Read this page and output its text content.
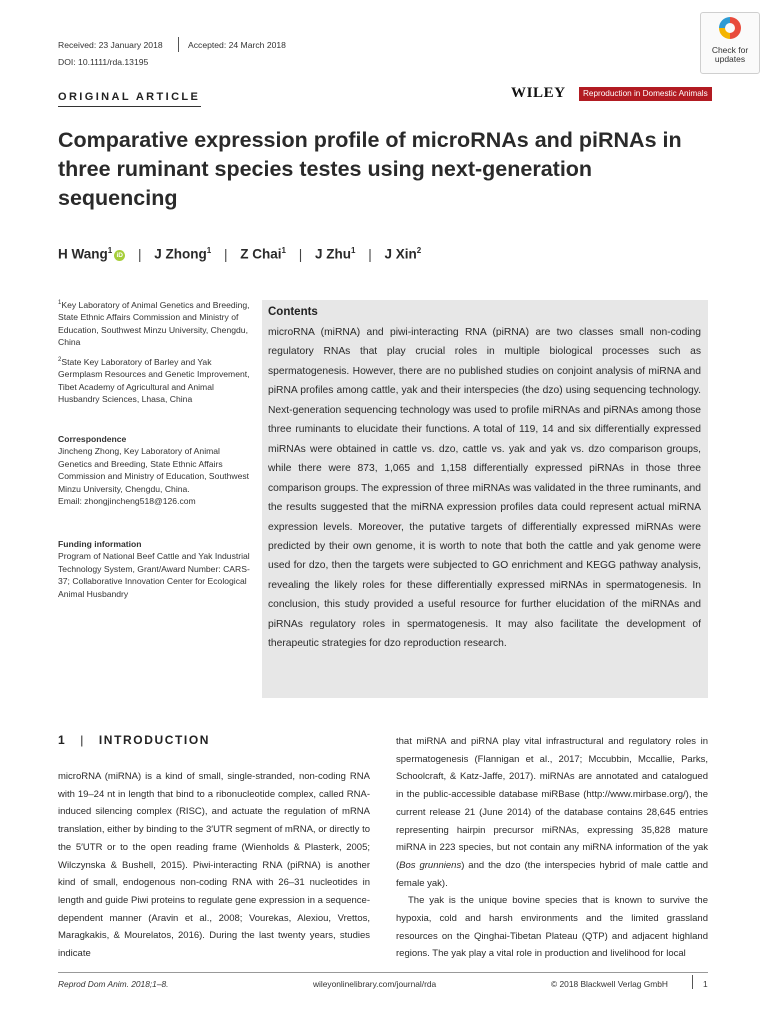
Received: 23 January 2018	Accepted: 24 March 2018
DOI: 10.1111/rda.13195
Check for
updates
ORIGINAL ARTICLE	WILEY	Reproduction in Domestic Animals
Comparative expression profile of microRNAs and piRNAs in three ruminant species testes using next-generation sequencing
H Wang$^1$ iD | J Zhong$^1$ | Z Chai$^1$ | J Zhu$^1$ | J Xin$^2$

$^1$Key Laboratory of Animal Genetics and Breeding, State Ethnic Affairs Commission and Ministry of Education, Southwest Minzu University, Chengdu, China

$^2$State Key Laboratory of Barley and Yak Germplasm Resources and Genetic Improvement, Tibet Academy of Agricultural and Animal Husbandry Sciences, Lhasa, China

Correspondence

Jincheng Zhong, Key Laboratory of Animal Genetics and Breeding, State Ethnic Affairs Commission and Ministry of Education, Southwest Minzu University, Chengdu, China.

Email: zhongjincheng518@126.com

Funding information

Program of National Beef Cattle and Yak Industrial Technology System, Grant/Award Number: CARS-37; Collaborative Innovation Center for Ecological Animal Husbandry

Contents

microRNA (miRNA) and piwi-interacting RNA (piRNA) are two classes small non-coding regulatory RNAs that play crucial roles in multiple biological processes such as spermatogenesis. However, there are no published studies on conjoint analysis of miRNA and piRNA profiles among cattle, yak and their interspecies (the dzo) using sequencing technology. Next-generation sequencing technology was used to profile miRNAs and piRNAs among those three ruminants to elucidate their functions. A total of 119, 14 and six differentially expressed miRNAs were obtained in cattle vs. dzo, cattle vs. yak and yak vs. dzo comparison groups, while there were 873, 1,065 and 1,158 differentially expressed piRNAs in those three comparison groups. The expression of three miRNAs was validated in the three ruminants, and the results suggested that the miRNA expression profiles data could represent actual miRNA expression levels. Moreover, the putative targets of differentially expressed miRNAs were predicted by their own genome, it is worth to note that both the cattle and yak genome were used for dzo, then the targets were subjected to GO enrichment and KEGG pathway analysis, revealing the likely roles for these differentially expressed miRNAs in spermatogenesis. In conclusion, this study provided a useful resource for further elucidation of the miRNAs and piRNAs regulatory roles in spermatogenesis. It may also facilitate the development of therapeutic strategies for dzo reproduction research.

1 | INTRODUCTION

microRNA (miRNA) is a kind of small, single-stranded, non-coding RNA with 19–24 nt in length that bind to a ribonucleotide complex, called RNA-induced silencing complex (RISC), and actuate the regulation of mRNA translation, either by binding to the 3′UTR segment of mRNA, or directly to the 5′UTR or to the open reading frame (Wienholds & Plasterk, 2005; Wilczynska & Bushell, 2015). Piwi-interacting RNA (piRNA) is another kind of small, endogenous non-coding RNA with 26–31 nucleotides in length and guide Piwi proteins to regulate gene expression in a sequence-dependent manner (Aravin et al., 2008; Vourekas, Alexiou, Vrettos, Maragkakis, & Mourelatos, 2016). During the last twenty years, studies indicate

that miRNA and piRNA play vital infrastructural and regulatory roles in spermatogenesis (Flannigan et al., 2017; Mccubbin, Mccallie, Parks, Schoolcraft, & Katz-Jaffe, 2017). miRNAs are annotated and catalogued in the public-accessible database miRBase (http://www.mirbase.org/), the current release 21 (June 2014) of the database contains 28,645 entries representing hairpin precursor miRNAs, expressing 35,828 mature miRNA in 223 species, but not contain any miRNA information of the yak (Bos grunniens) and the dzo (the interspecies hybrid of male cattle and female yak).

The yak is the unique bovine species that is known to survive the hypoxia, cold and harsh environments and the limited grassland resources on the Qinghai-Tibetan Plateau (QTP) and adjacent highland regions. The yak play a vital role in production and livelihood for local

Reprod Dom Anim. 2018;1–8.	wileyonlinelibrary.com/journal/rda	© 2018 Blackwell Verlag GmbH	1
